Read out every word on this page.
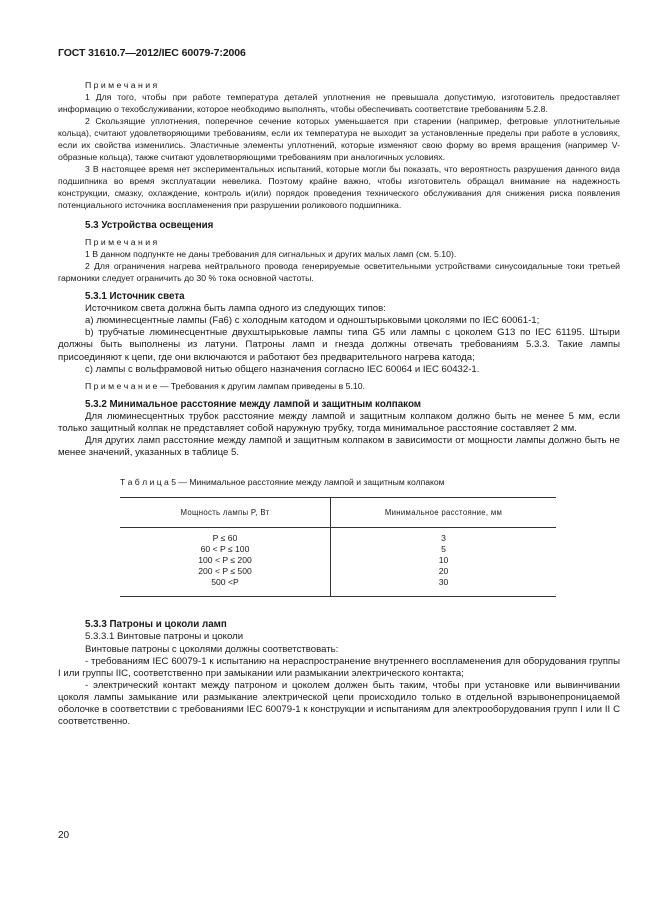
ГОСТ 31610.7—2012/IEC 60079-7:2006

П р и м е ч а н и я

1 Для того, чтобы при работе температура деталей уплотнения не превышала допустимую, изготовитель предоставляет информацию о техобслуживании, которое необходимо выполнять, чтобы обеспечивать соответствие требованиям 5.2.8.

2 Скользящие уплотнения, поперечное сечение которых уменьшается при старении (например, фетровые уплотнительные кольца), считают удовлетворяющими требованиям, если их температура не выходит за установленные пределы при работе в условиях, если их свойства изменились. Эластичные элементы уплотнений, которые изменяют свою форму во время вращения (например V-образные кольца), также считают удовлетворяющими требованиям при аналогичных условиях.

3 В настоящее время нет экспериментальных испытаний, которые могли бы показать, что вероятность разрушения данного вида подшипника во время эксплуатации невелика. Поэтому крайне важно, чтобы изготовитель обращал внимание на надежность конструкции, смазку, охлаждение, контроль и(или) порядок проведения технического обслуживания для снижения риска появления потенциального источника воспламенения при разрушении роликового подшипника.

5.3 Устройства освещения

П р и м е ч а н и я

1 В данном подпункте не даны требования для сигнальных и других малых ламп (см. 5.10).

2 Для ограничения нагрева нейтрального провода генерируемые осветительными устройствами синусоидальные токи третьей гармоники следует ограничить до 30 % тока основной частоты.

5.3.1 Источник света

Источником света должна быть лампа одного из следующих типов:

а) люминесцентные лампы (Fa6) с холодным катодом и одноштырьковыми цоколями по IEC 60061-1;

b) трубчатые люминесцентные двухштырьковые лампы типа G5 или лампы с цоколем G13 по IEC 61195. Штыри должны быть выполнены из латуни. Патроны ламп и гнезда должны отвечать требованиям 5.3.3. Такие лампы присоединяют к цепи, где они включаются и работают без предварительного нагрева катода;

с) лампы с вольфрамовой нитью общего назначения согласно IEC 60064 и IEC 60432-1.

П р и м е ч а н и е — Требования к другим лампам приведены в 5.10.

5.3.2 Минимальное расстояние между лампой и защитным колпаком

Для люминесцентных трубок расстояние между лампой и защитным колпаком должно быть не менее 5 мм, если только защитный колпак не представляет собой наружную трубку, тогда минимальное расстояние составляет 2 мм.

Для других ламп расстояние между лампой и защитным колпаком в зависимости от мощности лампы должно быть не менее значений, указанных в таблице 5.

Т а б л и ц а 5 — Минимальное расстояние между лампой и защитным колпаком
Мощность лампы P, Вт	Минимальное расстояние, мм
P ≤ 60	3
60 < P ≤ 100	5
100 < P ≤ 200	10
200 < P ≤ 500	20
500 <P	30

5.3.3 Патроны и цоколи ламп

5.3.3.1 Винтовые патроны и цоколи

Винтовые патроны с цоколями должны соответствовать:

- требованиям IEC 60079-1 к испытанию на нераспространение внутреннего воспламенения для оборудования группы I или группы IIC, соответственно при замыкании или размыкании электрического контакта;

- электрический контакт между патроном и цоколем должен быть таким, чтобы при установке или вывинчивании цоколя лампы замыкание или размыкание электрической цепи происходило только в отдельной взрывонепроницаемой оболочке в соответствии с требованиями IEC 60079-1 к конструкции и испытаниям для электрооборудования групп I или II C соответственно.

20
